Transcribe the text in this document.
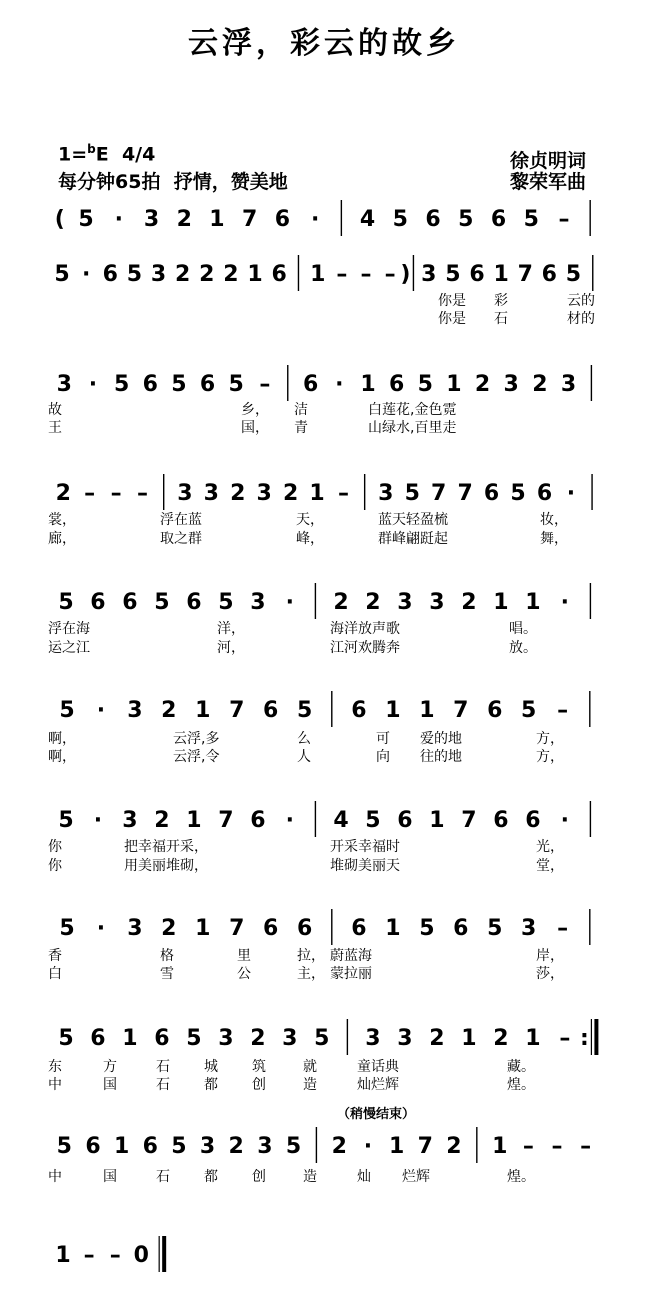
云浮，彩云的故乡
1=$^b$E 4/4
每分钟65拍 抒情，赞美地
徐贞明词
黎荣军曲
( 5 · 3 2 1 7 6 · 4 5 6 5 6 5 –
5 · 6 5 3 2 2 2 1 6 1 – – – ) 3 5 6 1 7 6 5
你是 彩	云的
你是 石	材的
3 · 5 6 5 6 5 – 6 · 1 6 5 1 2 3 2 3
故	乡， 洁	白莲花,金色霓
王	国， 青	山绿水,百里走
2 – – – 3 3 2 3 2 1 – 3 5 7 7 6 5 6 ·
裳，	浮在蓝	天，	蓝天轻盈梳	妆，
廊，	取之群	峰，	群峰翩跹起	舞，
5 6 6 5 6 5 3 · 2 2 3 3 2 1 1 ·
浮在海	洋，	海洋放声歌	唱。
运之江	河，	江河欢腾奔	放。
5 · 3 2 1 7 6 5 6 1 1 7 6 5 –
啊，	云浮,多	么	可 爱的地	方，
啊，	云浮,令	人	向 往的地	方，
5 · 3 2 1 7 6 · 4 5 6 1 7 6 6 ·
你	把幸福开采，	开采幸福时	光，
你	用美丽堆砌，	堆砌美丽天	堂，
5 · 3 2 1 7 6 6 6 1 5 6 5 3 –
香	格	里	拉， 蔚蓝海	岸，
白	雪	公	主， 蒙拉丽	莎，
5 6 1 6 5 3 2 3 5 3 3 2 1 2 1 – :
东	方	石 城 筑	就	童话典	藏。
中	国	石 都 创	造	灿烂辉	煌。
5 6 1 6 5 3 2 3 5 2 · 1 7 2 1 – – –
中	国	石 都 创	造	灿 烂辉	煌。
1 – – 0
（稍慢结束）
